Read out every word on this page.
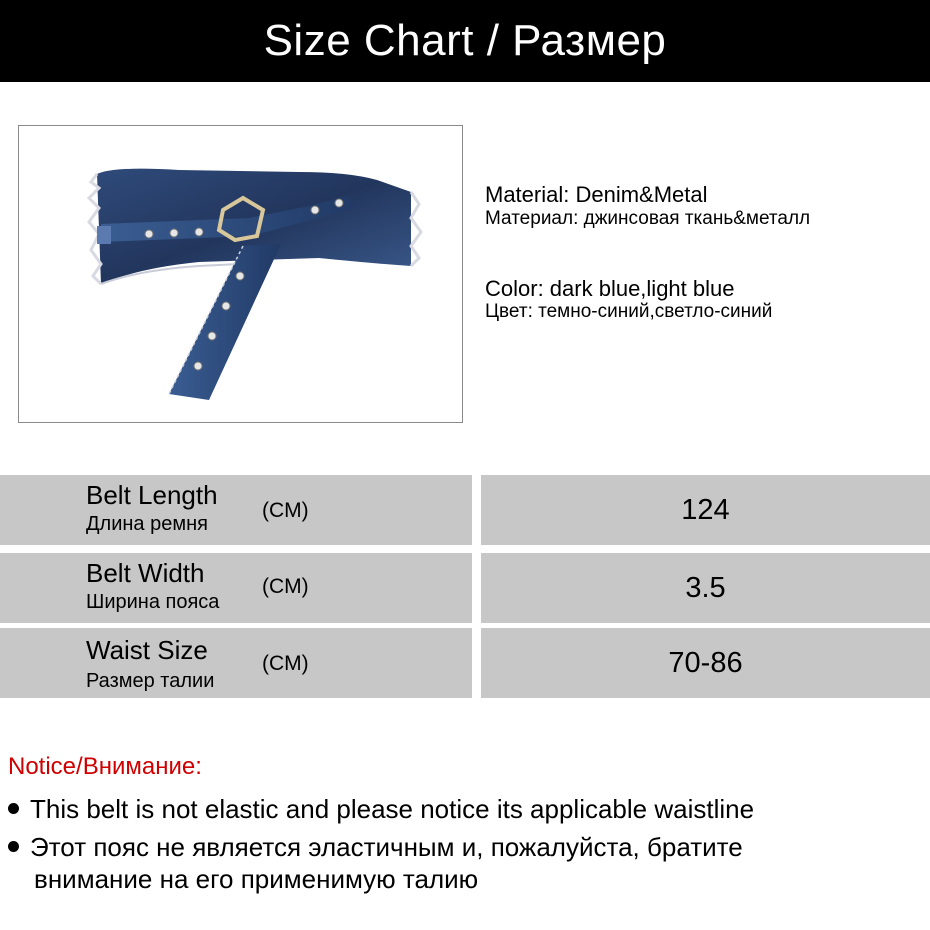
Size Chart / Размер
Material: Denim&Metal
Материал: джинсовая ткань&металл
Color: dark blue,light blue
Цвет: темно-синий,светло-синий
Belt Length
Длина ремня
(CM)	124
Belt Width
Ширина пояса
(CM)	3.5
Waist Size
Размер талии
(CM)	70-86
Notice/Внимание:
This belt is not elastic and please notice its applicable waistline
Этот пояс не является эластичным и, пожалуйста, братите
внимание на его применимую талию
